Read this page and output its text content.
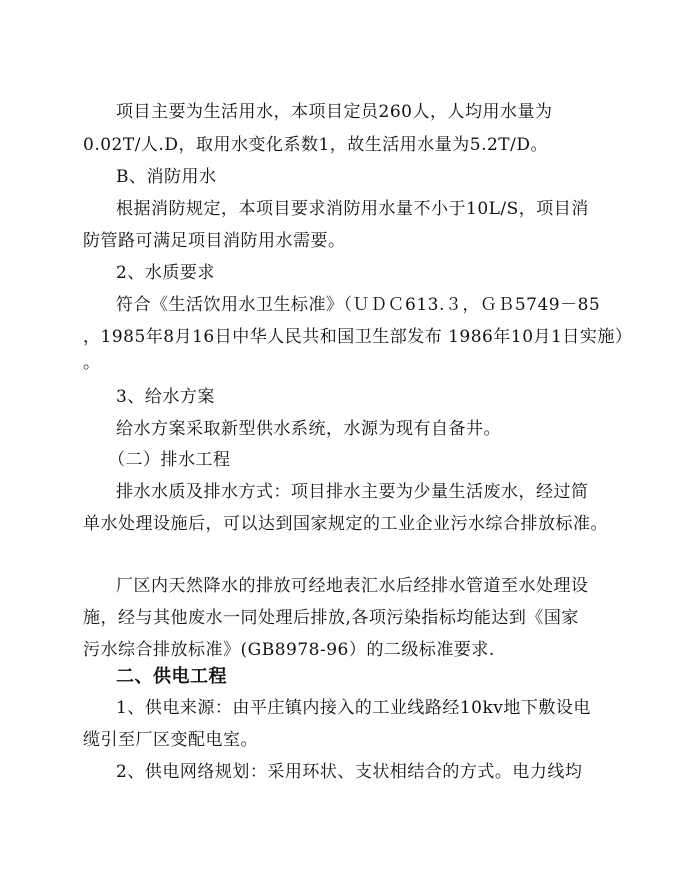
项目主要为生活用水，本项目定员260人，人均用水量为
0.02T/人.D，取用水变化系数1，故生活用水量为5.2T/D。
B、消防用水
根据消防规定，本项目要求消防用水量不小于10L/S，项目消
防管路可满足项目消防用水需要。
2、水质要求
符合《生活饮用水卫生标准》（ＵＤＣ613.３，ＧＢ5749－85
，1985年8月16日中华人民共和国卫生部发布 1986年10月1日实施）
。
3、给水方案
给水方案采取新型供水系统，水源为现有自备井。
（二）排水工程
排水水质及排水方式：项目排水主要为少量生活废水，经过简
单水处理设施后，可以达到国家规定的工业企业污水综合排放标准。
厂区内天然降水的排放可经地表汇水后经排水管道至水处理设
施，经与其他废水一同处理后排放,各项污染指标均能达到《国家
污水综合排放标准》(GB8978-96）的二级标准要求.
二、供电工程
1、供电来源：由平庄镇内接入的工业线路经10kv地下敷设电
缆引至厂区变配电室。
2、供电网络规划：采用环状、支状相结合的方式。电力线均
